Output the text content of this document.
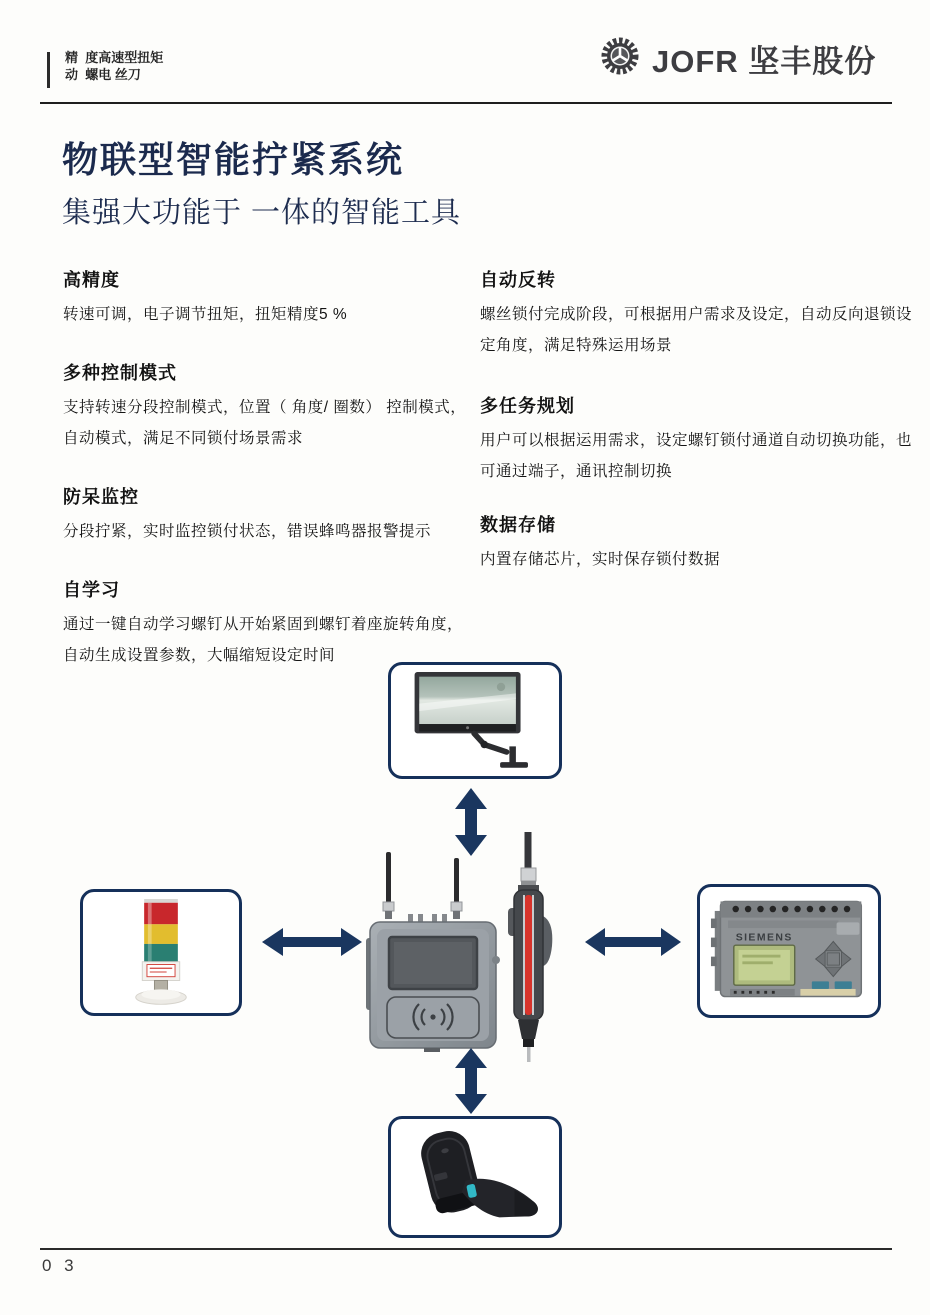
精  度高速型扭矩
动  螺电 丝刀	JOFR 坚丰股份
物联型智能拧紧系统
集强大功能于 一体的智能工具
高精度

转速可调，电子调节扭矩，扭矩精度5 %

多种控制模式

支持转速分段控制模式，位置（ 角度/ 圈数） 控制模式，自动模式，满足不同锁付场景需求

防呆监控

分段拧紧，实时监控锁付状态，错误蜂鸣器报警提示

自学习

通过一键自动学习螺钉从开始紧固到螺钉着座旋转角度，自动生成设置参数，大幅缩短设定时间

自动反转

螺丝锁付完成阶段，可根据用户需求及设定，自动反向退锁设定角度，满足特殊运用场景

多任务规划

用户可以根据运用需求，设定螺钉锁付通道自动切换功能，也可通过端子，通讯控制切换

数据存储

内置存储芯片，实时保存锁付数据

SIEMENS
0 3
